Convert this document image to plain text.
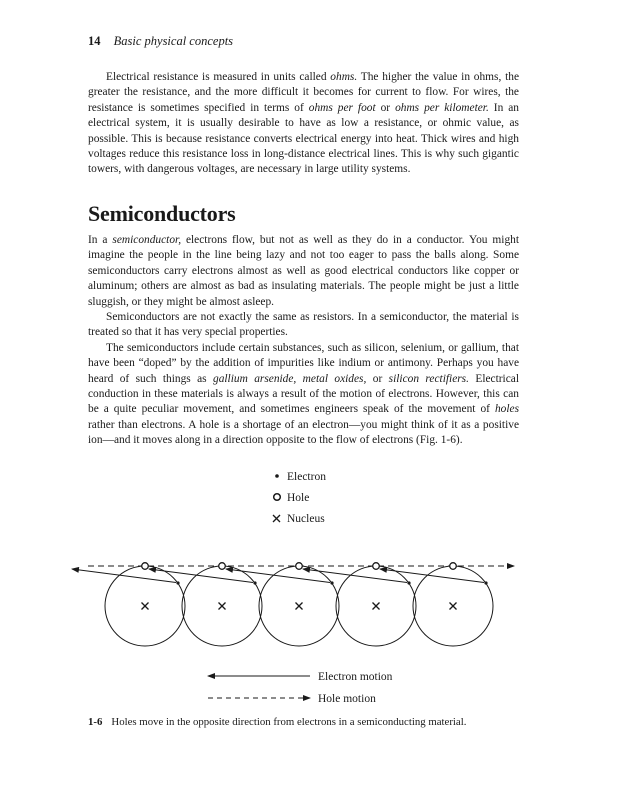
14 Basic physical concepts

Electrical resistance is measured in units called ohms. The higher the value in ohms, the greater the resistance, and the more difficult it becomes for current to flow. For wires, the resistance is sometimes specified in terms of ohms per foot or ohms per kilometer. In an electrical system, it is usually desirable to have as low a resistance, or ohmic value, as possible. This is because resistance converts electrical energy into heat. Thick wires and high voltages reduce this resistance loss in long-distance electrical lines. This is why such gigantic towers, with dangerous voltages, are necessary in large utility systems.

Semiconductors

In a semiconductor, electrons flow, but not as well as they do in a conductor. You might imagine the people in the line being lazy and not too eager to pass the balls along. Some semiconductors carry electrons almost as well as good electrical conductors like copper or aluminum; others are almost as bad as insulating materials. The people might be just a little sluggish, or they might be almost asleep.

Semiconductors are not exactly the same as resistors. In a semiconductor, the material is treated so that it has very special properties.

The semiconductors include certain substances, such as silicon, selenium, or gallium, that have been “doped” by the addition of impurities like indium or antimony. Perhaps you have heard of such things as gallium arsenide, metal oxides, or silicon rectifiers. Electrical conduction in these materials is always a result of the motion of electrons. However, this can be a quite peculiar movement, and sometimes engineers speak of the movement of holes rather than electrons. A hole is a shortage of an electron—you might think of it as a positive ion—and it moves along in a direction opposite to the flow of electrons (Fig. 1-6).

Electron
Hole
Nucleus
Electron motion
Hole motion
1-6 Holes move in the opposite direction from electrons in a semiconducting material.
